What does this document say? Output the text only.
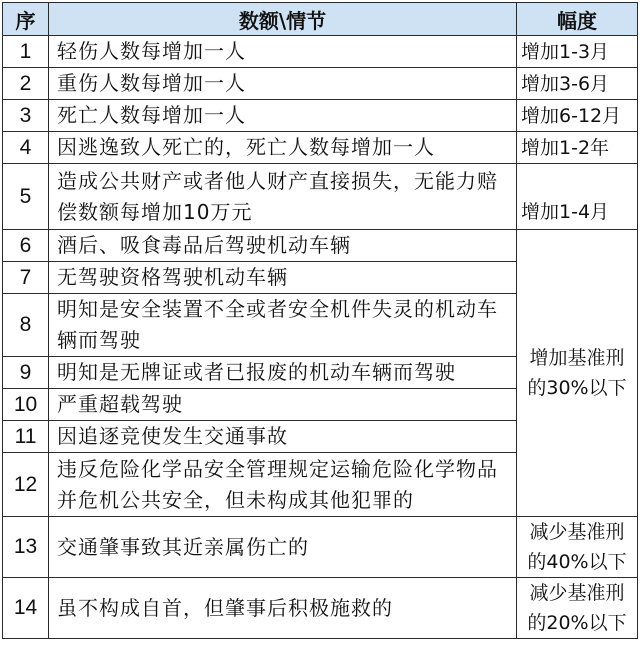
序	数额\情节	幅度
1	轻伤人数每增加一人	增加1-3月
2	重伤人数每增加一人	增加3-6月
3	死亡人数每增加一人	增加6-12月
4	因逃逸致人死亡的，死亡人数每增加一人	增加1-2年
5	造成公共财产或者他人财产直接损失，无能力赔偿数额每增加10万元	增加1-4月
6	酒后、吸食毒品后驾驶机动车辆	增加基准刑的30%以下
7	无驾驶资格驾驶机动车辆	
8	明知是安全装置不全或者安全机件失灵的机动车辆而驾驶	
9	明知是无牌证或者已报废的机动车辆而驾驶	
10	严重超载驾驶	
11	因追逐竞使发生交通事故	
12	违反危险化学品安全管理规定运输危险化学物品并危机公共安全，但未构成其他犯罪的	
13	交通肇事致其近亲属伤亡的	减少基准刑的40%以下
14	虽不构成自首，但肇事后积极施救的	减少基准刑的20%以下
